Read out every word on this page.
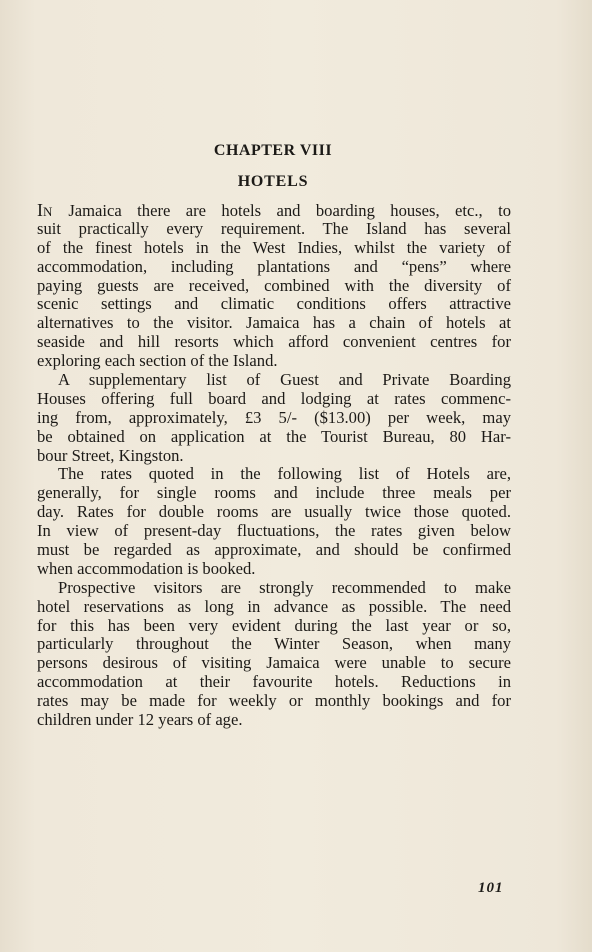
CHAPTER VIII
HOTELS
IN Jamaica there are hotels and boarding houses, etc., to
suit practically every requirement. The Island has several
of the finest hotels in the West Indies, whilst the variety of
accommodation, including plantations and “pens” where
paying guests are received, combined with the diversity of
scenic settings and climatic conditions offers attractive
alternatives to the visitor. Jamaica has a chain of hotels at
seaside and hill resorts which afford convenient centres for
exploring each section of the Island.
A supplementary list of Guest and Private Boarding
Houses offering full board and lodging at rates commenc-
ing from, approximately, £3 5/- ($13.00) per week, may
be obtained on application at the Tourist Bureau, 80 Har-
bour Street, Kingston.
The rates quoted in the following list of Hotels are,
generally, for single rooms and include three meals per
day. Rates for double rooms are usually twice those quoted.
In view of present-day fluctuations, the rates given below
must be regarded as approximate, and should be confirmed
when accommodation is booked.
Prospective visitors are strongly recommended to make
hotel reservations as long in advance as possible. The need
for this has been very evident during the last year or so,
particularly throughout the Winter Season, when many
persons desirous of visiting Jamaica were unable to secure
accommodation at their favourite hotels. Reductions in
rates may be made for weekly or monthly bookings and for
children under 12 years of age.
101
